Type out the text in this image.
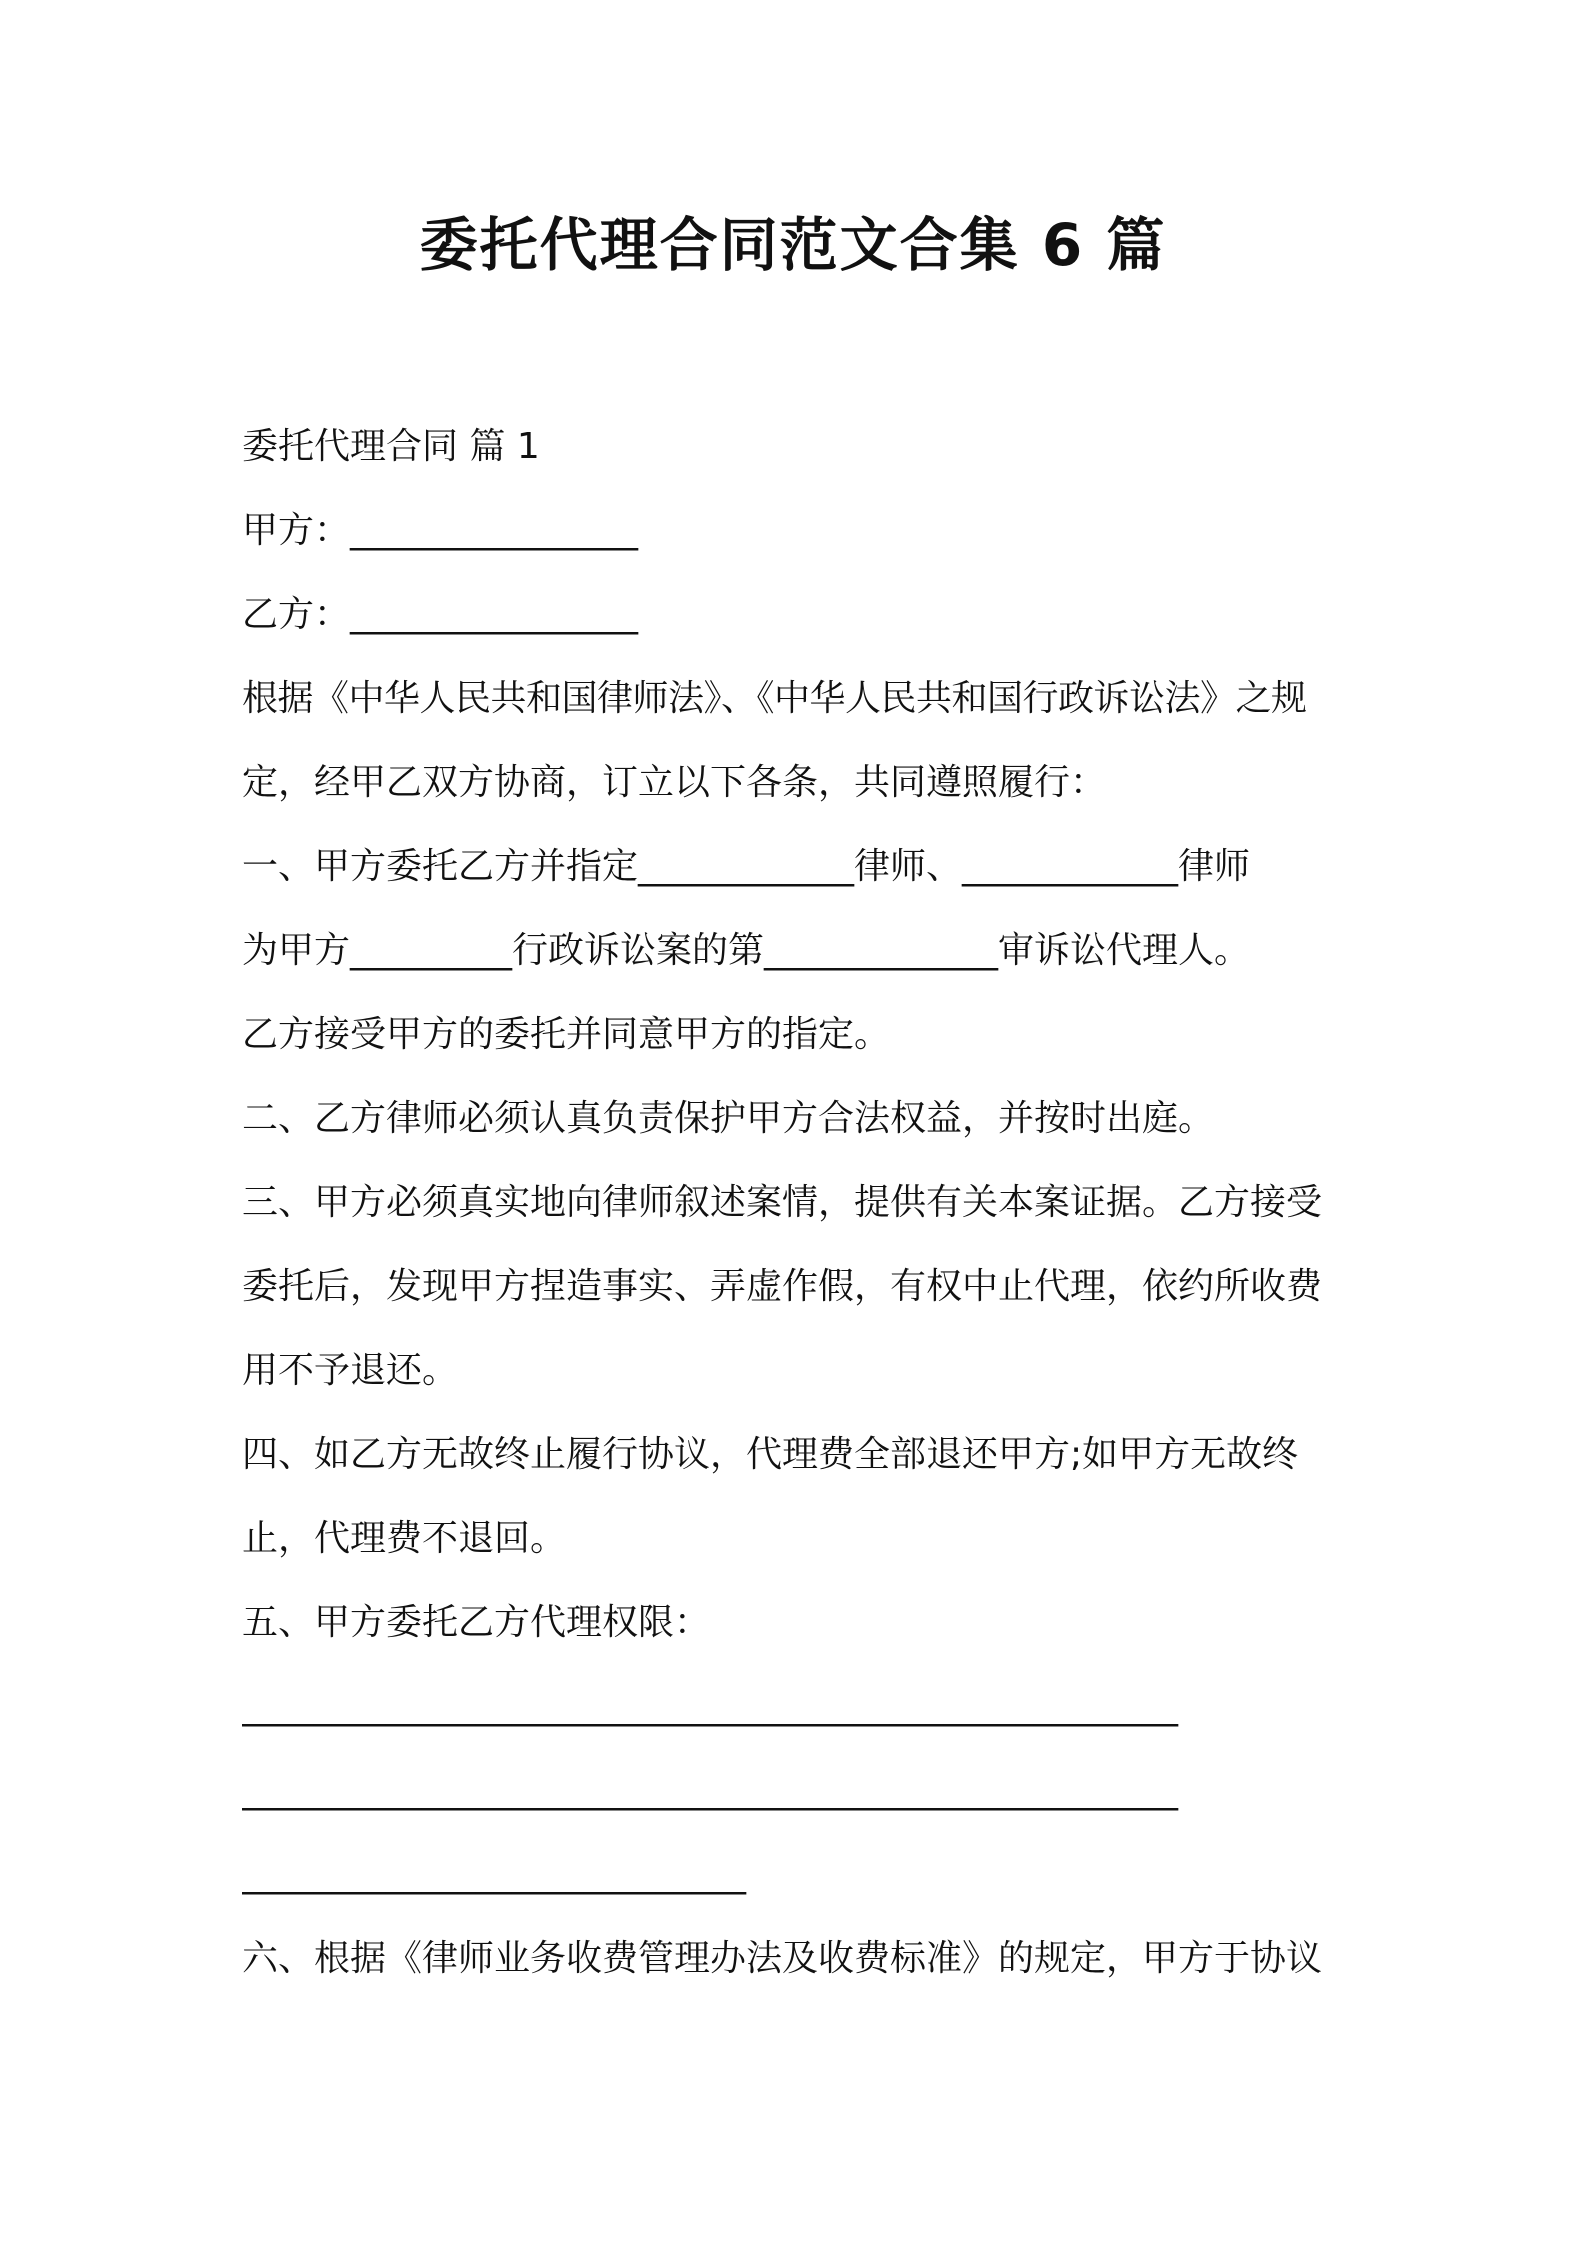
委托代理合同范文合集 6 篇
委托代理合同 篇 1
甲方：________________
乙方：________________
根据《中华人民共和国律师法》、《中华人民共和国行政诉讼法》之规
定，经甲乙双方协商，订立以下各条，共同遵照履行：
一、甲方委托乙方并指定____________律师、____________律师
为甲方_________行政诉讼案的第_____________审诉讼代理人。
乙方接受甲方的委托并同意甲方的指定。
二、乙方律师必须认真负责保护甲方合法权益，并按时出庭。
三、甲方必须真实地向律师叙述案情，提供有关本案证据。乙方接受
委托后，发现甲方捏造事实、弄虚作假，有权中止代理，依约所收费
用不予退还。
四、如乙方无故终止履行协议，代理费全部退还甲方;如甲方无故终
止，代理费不退回。
五、甲方委托乙方代理权限：
____________________________________________________
____________________________________________________
____________________________
六、根据《律师业务收费管理办法及收费标准》的规定，甲方于协议
